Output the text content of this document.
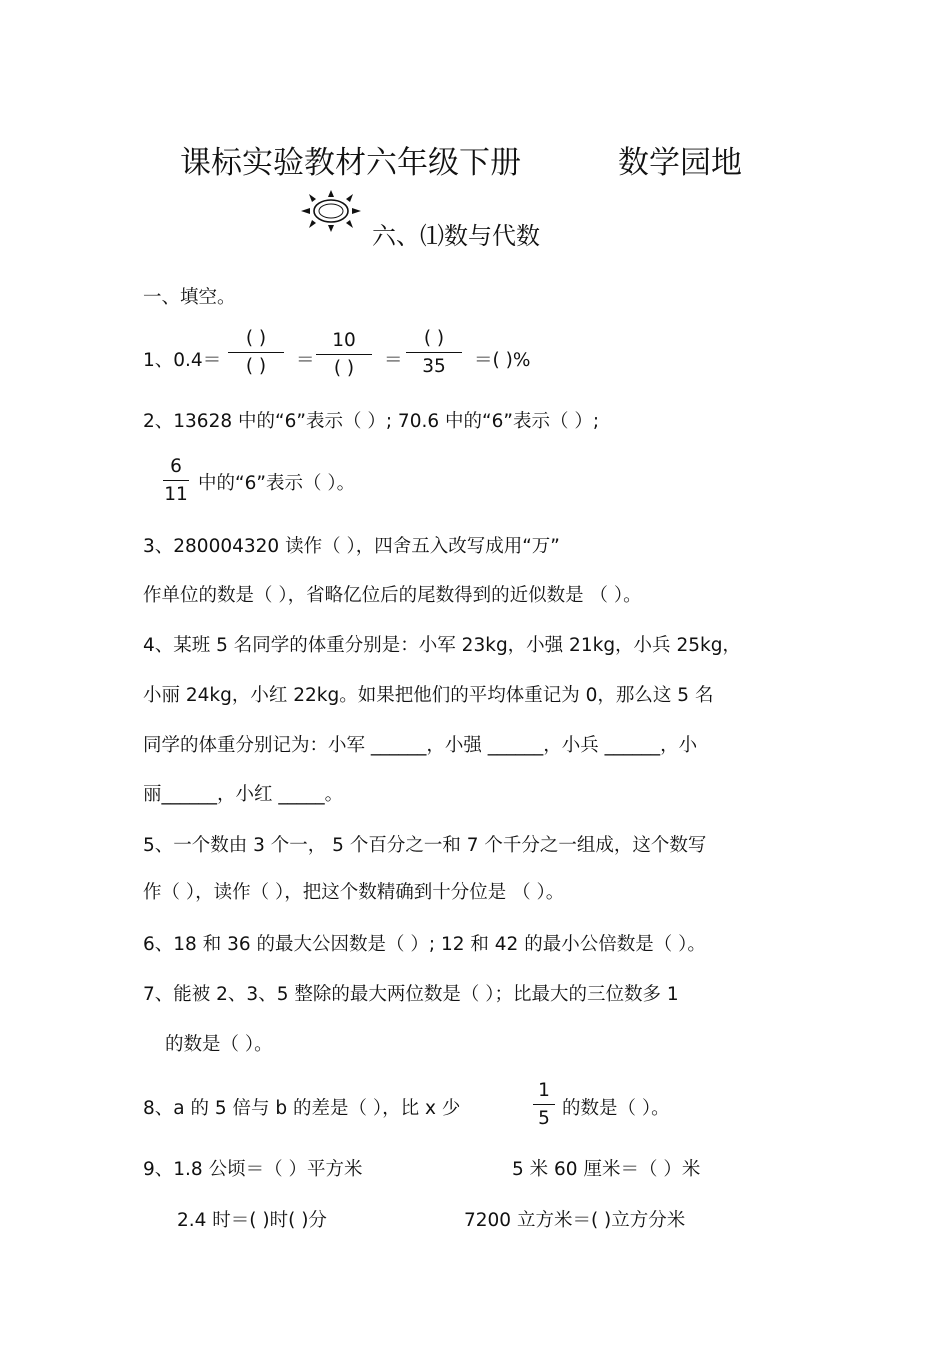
课标实验教材六年级下册	数学园地
六、⑴数与代数
一、填空。
1、0.4＝
( )
( )	＝
10
( )	＝
( )
35	＝( )%
2、13628 中的“6”表示（ ）; 70.6 中的“6”表示（ ）;
6
11
中的“6”表示（ ）。
3、280004320 读作（ ），四舍五入改写成用“万”
作单位的数是（ ），省略亿位后的尾数得到的近似数是 （ ）。
4、某班 5 名同学的体重分别是：小军 23kg，小强 21kg，小兵 25kg，
小丽 24kg，小红 22kg。如果把他们的平均体重记为 0，那么这 5 名
同学的体重分别记为：小军 ______，小强 ______，小兵 ______，小
丽______，小红 _____。
5、一个数由 3 个一， 5 个百分之一和 7 个千分之一组成，这个数写
作（ ），读作（ ），把这个数精确到十分位是 （ ）。
6、18 和 36 的最大公因数是（ ）; 12 和 42 的最小公倍数是（ ）。
7、能被 2、3、5 整除的最大两位数是（ ）；比最大的三位数多 1
的数是（ ）。
8、a 的 5 倍与 b 的差是（ ），比 x 少
1
5 的数是（ ）。
9、1.8 公顷＝（ ）平方米	5 米 60 厘米＝（ ）米
2.4 时＝( )时( )分	7200 立方米＝( )立方分米
